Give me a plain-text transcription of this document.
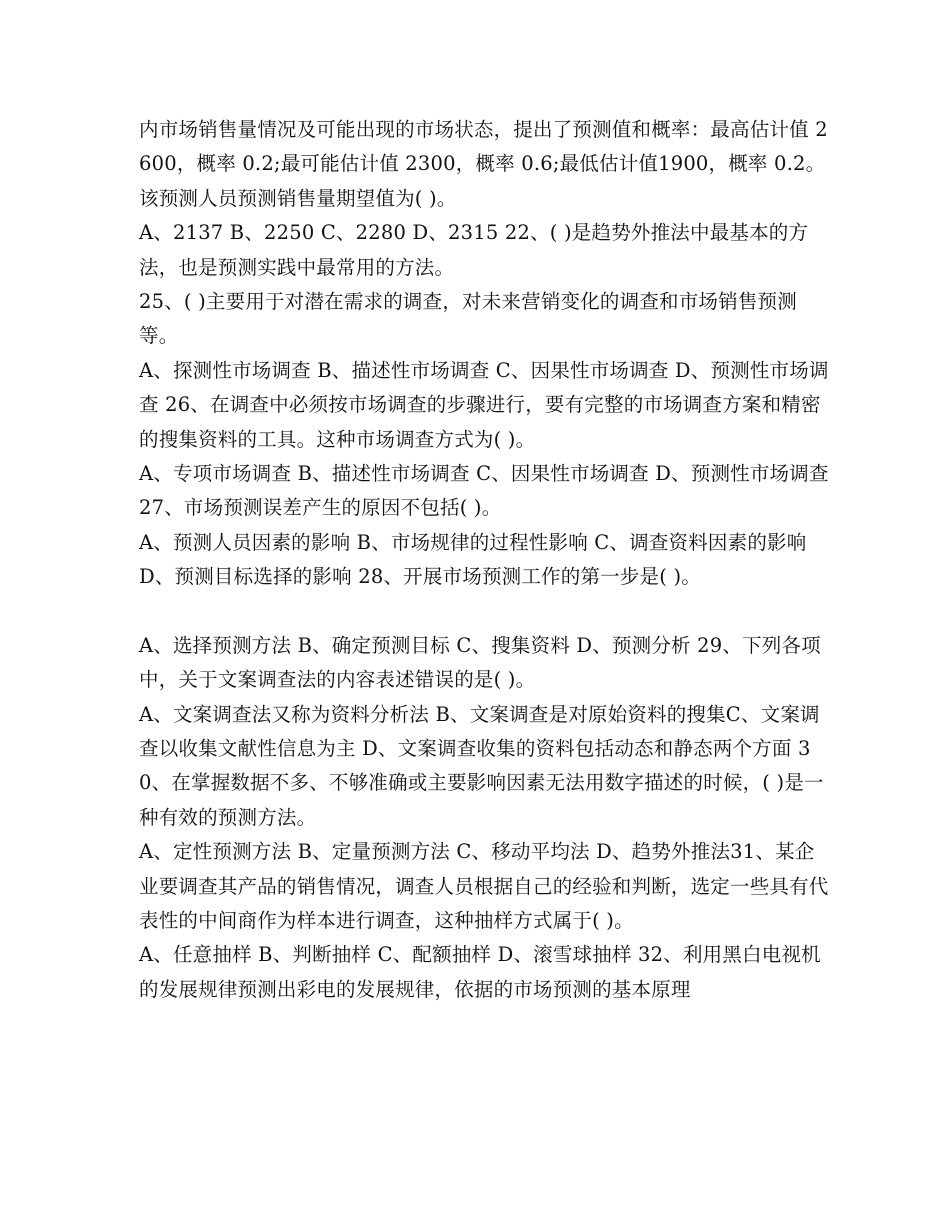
内市场销售量情况及可能出现的市场状态，提出了预测值和概率：最高估计值 2600，概率 0.2;最可能估计值 2300，概率 0.6;最低估计值1900，概率 0.2。该预测人员预测销售量期望值为( )。

A、2137 B、2250 C、2280 D、2315 22、( )是趋势外推法中最基本的方法，也是预测实践中最常用的方法。

25、( )主要用于对潜在需求的调查，对未来营销变化的调查和市场销售预测等。

A、探测性市场调查 B、描述性市场调查 C、因果性市场调查 D、预测性市场调查 26、在调查中必须按市场调查的步骤进行，要有完整的市场调查方案和精密的搜集资料的工具。这种市场调查方式为( )。

A、专项市场调查 B、描述性市场调查 C、因果性市场调查 D、预测性市场调查 27、市场预测误差产生的原因不包括( )。

A、预测人员因素的影响 B、市场规律的过程性影响 C、调查资料因素的影响 D、预测目标选择的影响 28、开展市场预测工作的第一步是( )。

A、选择预测方法 B、确定预测目标 C、搜集资料 D、预测分析 29、下列各项中，关于文案调查法的内容表述错误的是( )。

A、文案调查法又称为资料分析法 B、文案调查是对原始资料的搜集C、文案调查以收集文献性信息为主 D、文案调查收集的资料包括动态和静态两个方面 30、在掌握数据不多、不够准确或主要影响因素无法用数字描述的时候，( )是一种有效的预测方法。

A、定性预测方法 B、定量预测方法 C、移动平均法 D、趋势外推法31、某企业要调查其产品的销售情况，调查人员根据自己的经验和判断，选定一些具有代表性的中间商作为样本进行调查，这种抽样方式属于( )。

A、任意抽样 B、判断抽样 C、配额抽样 D、滚雪球抽样 32、利用黑白电视机的发展规律预测出彩电的发展规律，依据的市场预测的基本原理
